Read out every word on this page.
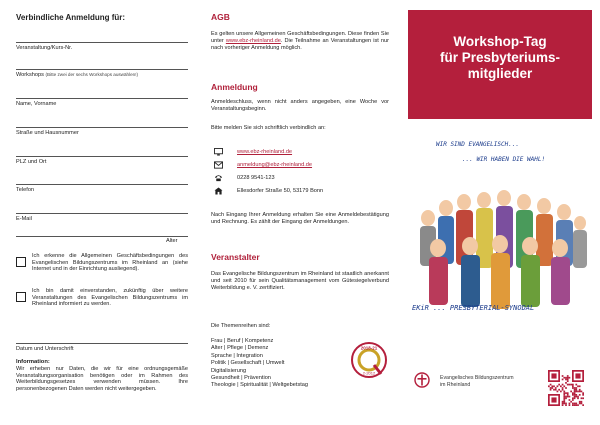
Verbindliche Anmeldung für:
Veranstaltung/Kurs-Nr.
Workshops (Bitte zwei der sechs Workshops auswählen!)
Name, Vorname
Straße und Hausnummer
PLZ und Ort
Telefon
E-Mail
Alter
Ich erkenne die Allgemeinen Geschäftsbedingungen des Evangelischen Bildungszentrums im Rheinland an (siehe Internet und in der Einrichtung ausliegend).
Ich bin damit einverstanden, zukünftig über weitere Veranstaltungen des Evangelischen Bildungszentrums im Rheinland informiert zu werden.
Datum und Unterschrift
Information:
Wir erheben nur Daten, die wir für eine ordnungsgemäße Veranstaltungsorganisation benötigen oder im Rahmen des Weiterbildungsgesetzes verwenden müssen. Ihre personenbezogenen Daten werden nicht weitergegeben.
AGB
Es gelten unsere Allgemeinen Geschäftsbedingungen. Diese finden Sie unter www.ebz-rheinland.de. Die Teilnahme an Veranstaltungen ist nur nach vorheriger Anmeldung möglich.
Anmeldung
Anmeldeschluss, wenn nicht anders angegeben, eine Woche vor Veranstaltungsbeginn.
Bitte melden Sie sich schriftlich verbindlich an:
www.ebz-rheinland.de
anmeldung@ebz-rheinland.de
0228 9541-123
Ellesdorfer Straße 50, 53179 Bonn
Nach Eingang Ihrer Anmeldung erhalten Sie eine Anmeldebestätigung und Rechnung. Es zählt der Eingang der Anmeldungen.
Veranstalter
Das Evangelische Bildungszentrum im Rheinland ist staatlich anerkannt und seit 2010 für sein Qualitätsmanagement vom Gütesiegelverbund Weiterbildung e. V. zertifiziert.
Die Themenreihen sind:
Frau | Beruf | Kompetenz
Alter | Pflege | Demenz
Sprache | Integration
Politik | Gesellschaft | Umwelt
Digitalisierung
Gesundheit | Prävention
Theologie | Spiritualität | Weltgebetstag
2018-21
2-2012
Workshop-Tag
für Presbyteriums-
mitglieder
WIR SIND EVANGELISCH...
... WIR HABEN DIE WAHL!
EKiR ... PRESBYTERIAL-SYNODAL
Evangelisches Bildungszentrum
im Rheinland
